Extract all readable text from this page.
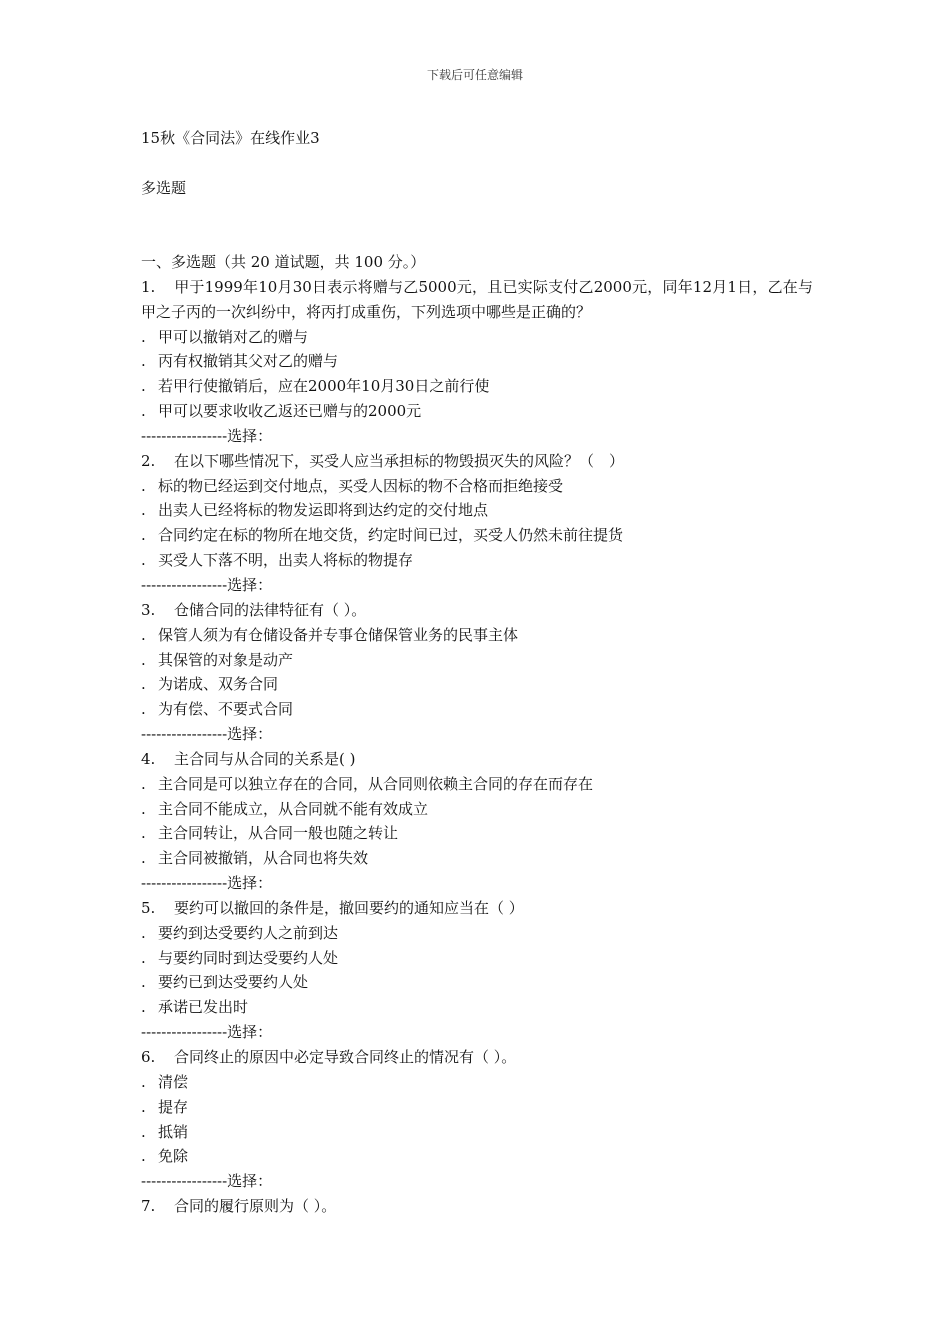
下载后可任意编辑
15秋《合同法》在线作业3
多选题
一、多选题（共 20 道试题，共 100 分。）
1. 甲于1999年10月30日表示将赠与乙5000元，且已实际支付乙2000元，同年12月1日，乙在与甲之子丙的一次纠纷中，将丙打成重伤，下列选项中哪些是正确的？
. 甲可以撤销对乙的赠与
. 丙有权撤销其父对乙的赠与
. 若甲行使撤销后，应在2000年10月30日之前行使
. 甲可以要求收收乙返还已赠与的2000元
-----------------选择：
2. 在以下哪些情况下，买受人应当承担标的物毁损灭失的风险？（　）
. 标的物已经运到交付地点，买受人因标的物不合格而拒绝接受
. 出卖人已经将标的物发运即将到达约定的交付地点
. 合同约定在标的物所在地交货，约定时间已过，买受人仍然未前往提货
. 买受人下落不明，出卖人将标的物提存
-----------------选择：
3. 仓储合同的法律特征有（ ）。
. 保管人须为有仓储设备并专事仓储保管业务的民事主体
. 其保管的对象是动产
. 为诺成、双务合同
. 为有偿、不要式合同
-----------------选择：
4. 主合同与从合同的关系是( )
. 主合同是可以独立存在的合同，从合同则依赖主合同的存在而存在
. 主合同不能成立，从合同就不能有效成立
. 主合同转让，从合同一般也随之转让
. 主合同被撤销，从合同也将失效
-----------------选择：
5. 要约可以撤回的条件是，撤回要约的通知应当在（ ）
. 要约到达受要约人之前到达
. 与要约同时到达受要约人处
. 要约已到达受要约人处
. 承诺已发出时
-----------------选择：
6. 合同终止的原因中必定导致合同终止的情况有（ ）。
. 清偿
. 提存
. 抵销
. 免除
-----------------选择：
7. 合同的履行原则为（ ）。
